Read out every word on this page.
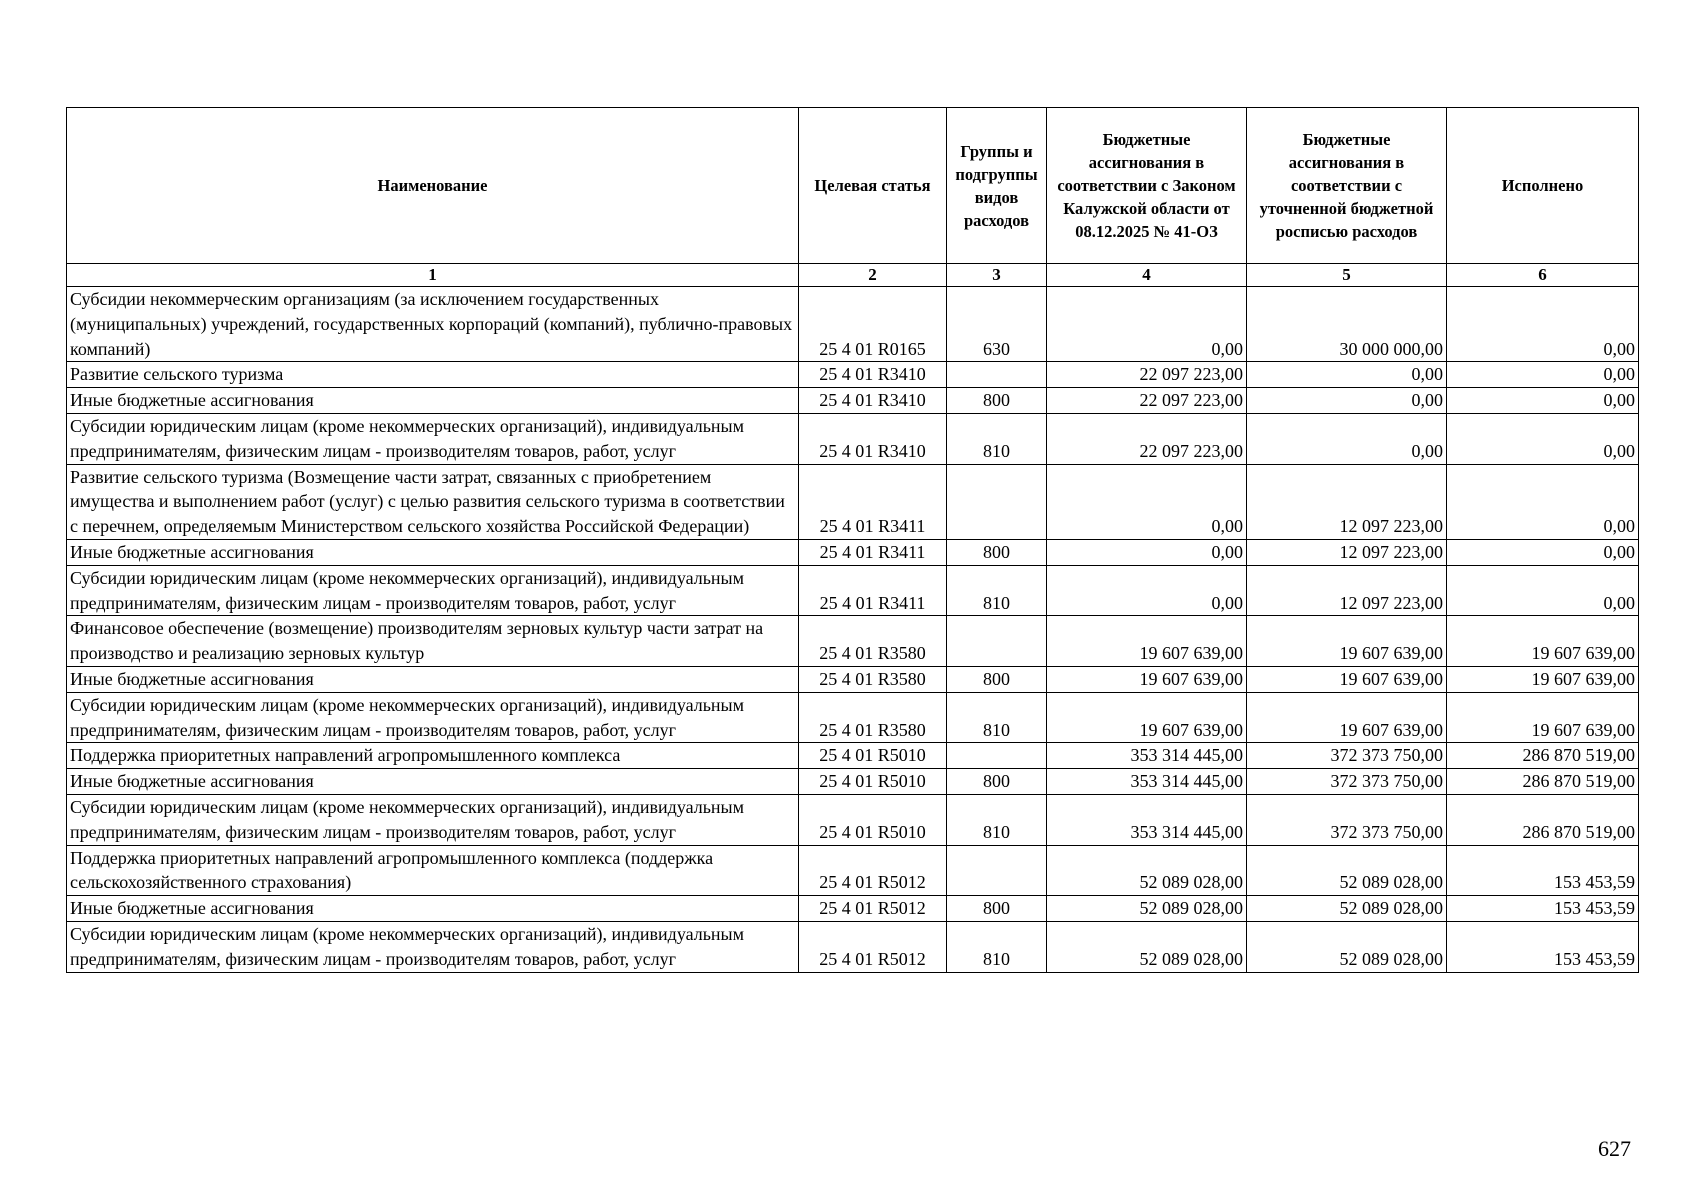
Наименование	Целевая статья	Группы и подгруппы видов расходов	Бюджетные ассигнования в соответствии с Законом Калужской области от 08.12.2025 № 41-ОЗ	Бюджетные ассигнования в соответствии с уточненной бюджетной росписью расходов	Исполнено
1	2	3	4	5	6
Субсидии некоммерческим организациям (за исключением государственных (муниципальных) учреждений, государственных корпораций (компаний), публично-правовых компаний)	25 4 01 R0165	630	0,00	30 000 000,00	0,00
Развитие сельского туризма	25 4 01 R3410		22 097 223,00	0,00	0,00
Иные бюджетные ассигнования	25 4 01 R3410	800	22 097 223,00	0,00	0,00
Субсидии юридическим лицам (кроме некоммерческих организаций), индивидуальным предпринимателям, физическим лицам - производителям товаров, работ, услуг	25 4 01 R3410	810	22 097 223,00	0,00	0,00
Развитие сельского туризма (Возмещение части затрат, связанных с приобретением имущества и выполнением работ (услуг) с целью развития сельского туризма в соответствии с перечнем, определяемым Министерством сельского хозяйства Российской Федерации)	25 4 01 R3411		0,00	12 097 223,00	0,00
Иные бюджетные ассигнования	25 4 01 R3411	800	0,00	12 097 223,00	0,00
Субсидии юридическим лицам (кроме некоммерческих организаций), индивидуальным предпринимателям, физическим лицам - производителям товаров, работ, услуг	25 4 01 R3411	810	0,00	12 097 223,00	0,00
Финансовое обеспечение (возмещение) производителям зерновых культур части затрат на производство и реализацию зерновых культур	25 4 01 R3580		19 607 639,00	19 607 639,00	19 607 639,00
Иные бюджетные ассигнования	25 4 01 R3580	800	19 607 639,00	19 607 639,00	19 607 639,00
Субсидии юридическим лицам (кроме некоммерческих организаций), индивидуальным предпринимателям, физическим лицам - производителям товаров, работ, услуг	25 4 01 R3580	810	19 607 639,00	19 607 639,00	19 607 639,00
Поддержка приоритетных направлений агропромышленного комплекса	25 4 01 R5010		353 314 445,00	372 373 750,00	286 870 519,00
Иные бюджетные ассигнования	25 4 01 R5010	800	353 314 445,00	372 373 750,00	286 870 519,00
Субсидии юридическим лицам (кроме некоммерческих организаций), индивидуальным предпринимателям, физическим лицам - производителям товаров, работ, услуг	25 4 01 R5010	810	353 314 445,00	372 373 750,00	286 870 519,00
Поддержка приоритетных направлений агропромышленного комплекса (поддержка сельскохозяйственного страхования)	25 4 01 R5012		52 089 028,00	52 089 028,00	153 453,59
Иные бюджетные ассигнования	25 4 01 R5012	800	52 089 028,00	52 089 028,00	153 453,59
Субсидии юридическим лицам (кроме некоммерческих организаций), индивидуальным предпринимателям, физическим лицам - производителям товаров, работ, услуг	25 4 01 R5012	810	52 089 028,00	52 089 028,00	153 453,59
627
